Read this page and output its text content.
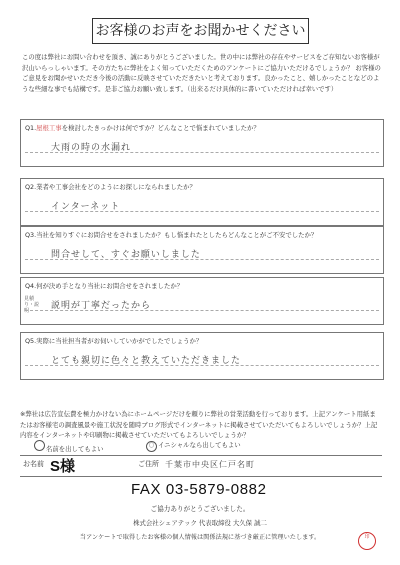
お客様のお声をお聞かせください
この度は弊社にお問い合わせを頂き、誠にありがとうございました。世の中には弊社の存在やサービスをご存知ないお客様が沢山いらっしゃいます。その方たちに弊社をよく知っていただくためのアンケートにご協力いただけるでしょうか？ お客様のご意見をお聞かせいただき今後の活動に反映させていただきたいと考えております。良かったこと、嬉しかったことなどのような些細な事でも結構です。是非ご協力お願い致します。（出来るだけ具体的に書いていただければ幸いです）
Q1.屋根工事を検討したきっかけは何ですか？どんなことで悩まれていましたか？
大雨の時の水漏れ
Q2.業者や工事会社をどのようにお探しになられましたか？
インターネット
Q3.当社を知りすぐにお問合せをされましたか？もし悩まれたとしたらどんなことがご不安でしたか？
問合せして、すぐお願いしました
Q4.何が決め手となり当社にお問合せをされましたか？
見積り・説明	説明が丁寧だったから
Q5.実際に当社担当者がお伺いしていかがでしたでしょうか？
とても親切に色々と教えていただきました
※弊社は広告宣伝費を極力かけない為にホームページだけを頼りに弊社の営業活動を行っております。上記アンケート用紙またはお客様宅の調査風景や施工状況を随時ブログ形式でインターネットに掲載させていただいてもよろしいでしょうか？上記内容をインターネットや印刷物に掲載させていただいてもよろしいでしょうか？
名前を出してもよい	〇 イニシャルなら出してもよい
お名前 S様	ご住所 千葉市中央区仁戸名町
FAX 03-5879-0882
ご協力ありがとうございました。
株式会社シェアテック 代表取締役 大久保 誠二
当アンケートで取得したお客様の個人情報は関係法規に基づき厳正に管理いたします。	印
